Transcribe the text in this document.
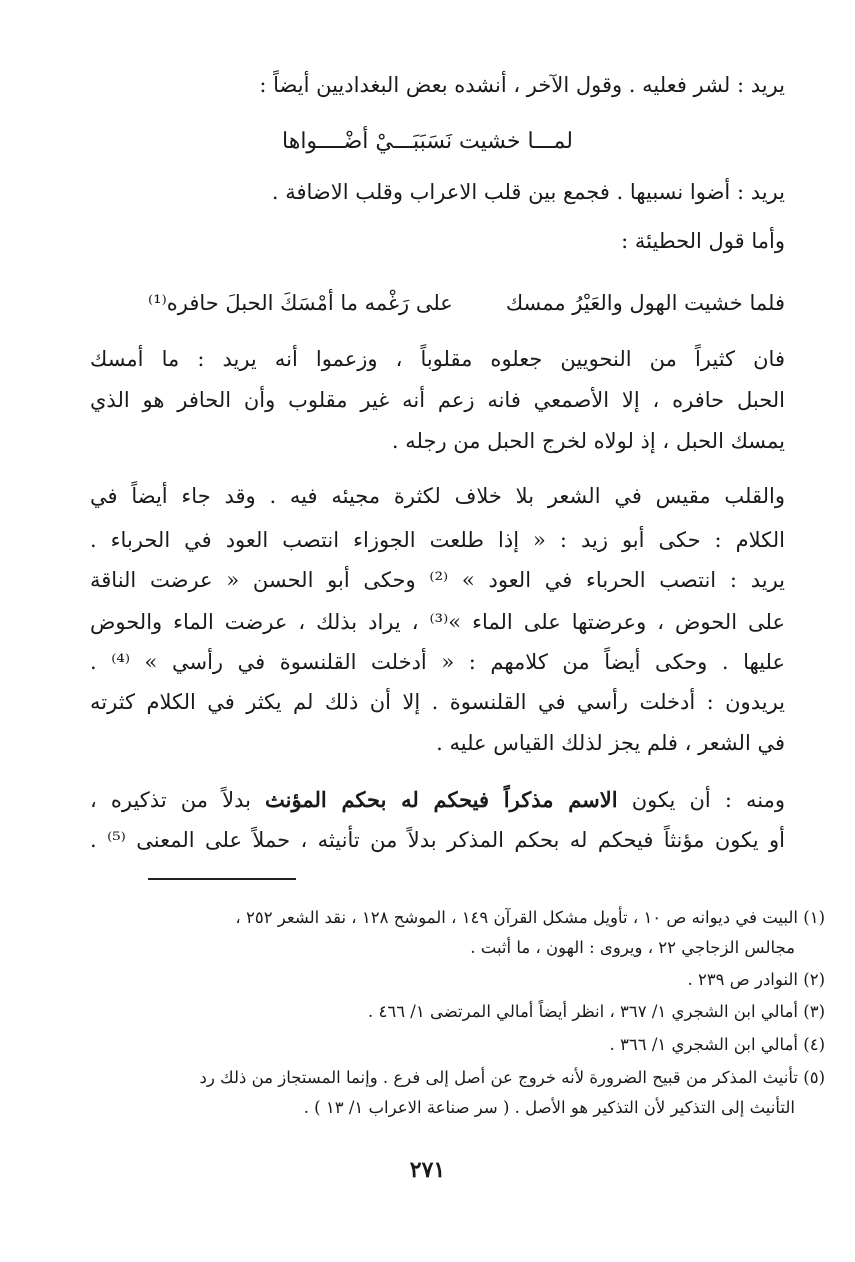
يريد : لشر فعليه . وقول الآخر ، أنشده بعض البغداديين أيضاً :
لمـــا خشيت نَسَبَبَـــيْ أضْــــواها
يريد : أضوا نسبيها . فجمع بين قلب الاعراب وقلب الاضافة .
وأما قول الحطيئة :
فلما خشيت الهول والعَيْرُ ممسك
على رَغْمه ما أمْسَكَ الحبلَ حافره⁽¹⁾
فان كثيراً من النحويين جعلوه مقلوباً ، وزعموا أنه يريد : ما أمسك
الحبل حافره ، إلا الأصمعي فانه زعم أنه غير مقلوب وأن الحافر هو الذي
يمسك الحبل ، إذ لولاه لخرج الحبل من رجله .
والقلب مقيس في الشعر بلا خلاف لكثرة مجيئه فيه . وقد جاء أيضاً في
الكلام : حكى أبو زيد : « إذا طلعت الجوزاء انتصب العود في الحرباء .
يريد : انتصب الحرباء في العود » ⁽²⁾ وحكى أبو الحسن « عرضت الناقة
على الحوض ، وعرضتها على الماء »⁽³⁾ ، يراد بذلك ، عرضت الماء والحوض
عليها . وحكى أيضاً من كلامهم : « أدخلت القلنسوة في رأسي » ⁽⁴⁾ .
يريدون : أدخلت رأسي في القلنسوة . إلا أن ذلك لم يكثر في الكلام كثرته
في الشعر ، فلم يجز لذلك القياس عليه .
ومنه : أن يكون الاسم مذكراً فيحكم له بحكم المؤنث بدلاً من تذكيره ،
أو يكون مؤنثاً فيحكم له بحكم المذكر بدلاً من تأنيثه ، حملاً على المعنى ⁽⁵⁾ .
(١) البيت في ديوانه ص ١٠ ، تأويل مشكل القرآن ١٤٩ ، الموشح ١٢٨ ، نقد الشعر ٢٥٢ ،
مجالس الزجاجي ٢٢ ، ويروى : الهون ، ما أثبت .
(٢) النوادر ص ٢٣٩ .
(٣) أمالي ابن الشجري ١/ ٣٦٧ ، انظر أيضاً أمالي المرتضى ١/ ٤٦٦ .
(٤) أمالي ابن الشجري ١/ ٣٦٦ .
(٥) تأنيث المذكر من قبيح الضرورة لأنه خروج عن أصل إلى فرع . وإنما المستجاز من ذلك رد
التأنيث إلى التذكير لأن التذكير هو الأصل . ( سر صناعة الاعراب ١/ ١٣ ) .
٢٧١
